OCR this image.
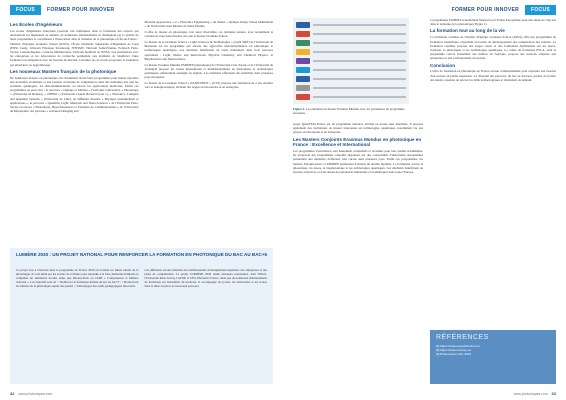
FOCUS	FORMER POUR INNOVER
Les Écoles d'Ingénieurs

Les écoles d'ingénieurs françaises (souvent très impliquées dans la formation des experts qui deviendront les ingénieurs de demain, de nombreux établissements se distinguent par la qualité de leurs programmes et contribuent à l'innovation dans le domaine de la photonique en Île-de-France : l'Institut d'Optique Graduate School (IOGS), l'École Nationale Supérieure d'Ingénieurs de Caen (ENSI Caen), Télécom Physique Strasbourg, l'ENSMT, Télécom Saint-Étienne, Polytech Paris-Saclay, CentraleSupélec, Centrale Méditerranée, Télécom SudParis ou l'INSA. Les partenariats avec les entreprises et les laboratoires de recherche permettent aux étudiants de bénéficier d'une formation en adéquation avec les besoins du marché. Certaines de ces écoles proposent la formation par alternance ou apprentissage.

Les nouveaux Masters français de la photonique

De nombreux masters en photonique ont récemment révisé leurs programmes pour mieux répondre aux nouvelles évolutions et aux besoins croissants de compétences dans des domaines tels que les systèmes quantiques, les télécommunications ou encore les applications médicales. Parmi ces programmes on peut citer : le parcours « Optique et Matière » (Sorbonne Université), « Photonique » (Université de Rennes), « OPHIO » (Université Claude Bernard Lyon 1), « Photonics, Complex and Quantum Systems » (Université de Lille), de différents masters « Physique fondamentale et applications », le parcours « Quantum, Light, Materials and Nano-Sciences » de l'Université Paris-Saclay ou encore « Photonique, Hyperfréquences et Systèmes de Communications » de l'Université de Montpellier. Au parcours « Advanced Imaging and

Material Appearance » et « Photonics Engineering » du master « Optique Image Vision Multimédia » de l'Université Jean Monnet de Saint-Étienne.

L'offre de master en photonique s'est aussi diversifiée, ces dernières années, avec notamment la création de nouveaux masters tels que le master Graduate School.

Le master de la Graduate School « Light Sciences & Technologies » (Light S&T) de l'Université de Bordeaux est un programme qui aborde des approches interdisciplinaires en photonique et technologies quantiques. Les étudiants bénéficient de cours mutualisés dans trois parcours spécialisés : Light, Matter and Interactions, Physical Chemistry and Chemical Physics, et Biophotonics and Neuroscience.

Le master Erasmus Mundus EMIMEP (photonique) de l'Université Côte d'Azur et de l'Université de Jyväskylä propose un cursus international et multidisciplinaire en photonique et technologies quantiques, entièrement enseigné en anglais. Les étudiants effectuent des mobilités dans plusieurs pays européens.

Le master de la Graduate School « NANO-PHOT » (UTT) propose une formation de 2 ans orientée vers la nanophotonique, incluant des stages en laboratoire et en entreprise.

LUMIÈRE 2030 : UN PROJET NATIONAL POUR RENFORCER LA FORMATION EN PHOTONIQUE DU BAC AU BAC+5

Ce projet vise à s'inscrire dans le programme de France 2030 en formant les futurs talents de la photonique. Il a été initié par les acteurs de la filière pour répondre à la forte demande d'emplois et compléter les initiatives locales telles que Photon-Pack ou l'AMI « Compétences et Métiers d'Avenir ». Les objectifs sont de : • Renforcer la formation initiale du bac au bac+5 ; • Promouvoir les métiers de la photonique auprès des jeunes ; • Développer des outils pédagogiques innovants.

Ces différents acteurs fédèrent des établissements d'enseignement supérieur, des entreprises et des pôles de compétitivité. Le projet LUMIÈRE 2030 réunit plusieurs partenaires, dont l'IOGS, l'Université Paris-Saclay, l'AFOP, la SFO, Photonics France, ainsi que de nombreux établissements de formation sur l'ensemble du territoire. Il accompagne les lycées, les universités et les écoles dans la mise en place de nouveaux parcours.

32 www.photoniques.com
FORMER POUR INNOVER	FOCUS
Figure 1. Les étudiants du master Erasmus Mundus avec les partenaires du programme européen.

projet QuanTEdu-France est un programme national, décliné en douze sites labellisés. Il propose également des formations de master innovantes en technologies quantiques, notamment via des projets en laboratoire et en entreprise.

Les Masters Conjoints Erasmus Mundus en photonique en France : Excellence et International

Ces programmes d'excellence sont hautement compétitifs et reconnus pour leur qualité académique. Ils proposent des programmes conjoints dispensés par des consortiums d'universités européennes permettant aux étudiants d'effectuer leur cursus dans plusieurs pays. Parmi ces programmes, les masters Europhotonics et EMIMEP permettent d'obtenir un double diplôme. La formation couvre la photonique, les lasers, la biophotonique et les technologies quantiques. Les étudiants bénéficient de bourses attractives et d'un réseau de partenaires industriels et académiques dans toute l'Europe.

à programmes EMIMEP actuellement financés par l'Union Européenne pour une durée de cinq ans dans le domaine de la photonique (Figure 1).

La formation tout au long de la vie

La formation continue de l'Institut d'Optique Graduate School (IOGS) offre des programmes de formation scientifique, répondant au besoin de développement des compétences des salariés. La formation continue propose des stages courts et des formations diplômantes sur les lasers, l'optique, la photonique et les technologies quantiques. Le centre de formation PYLA, dont le programme couvre l'ensemble des métiers de l'optique, propose des sessions adaptées aux entreprises et aux professionnels du secteur.

Conclusion

L'offre de formation en photonique en France évolue continuellement pour répondre aux besoins d'un secteur en pleine expansion. La diversité des parcours, du bac au doctorat, permet de former des talents capables de relever les défis technologiques et industriels de demain.

RÉFÉRENCES
[1] https://www.europhotonics.eu
[2] https://www.emimep.eu
[3] Photoniques 122, 2023
www.photoniques.com 33
